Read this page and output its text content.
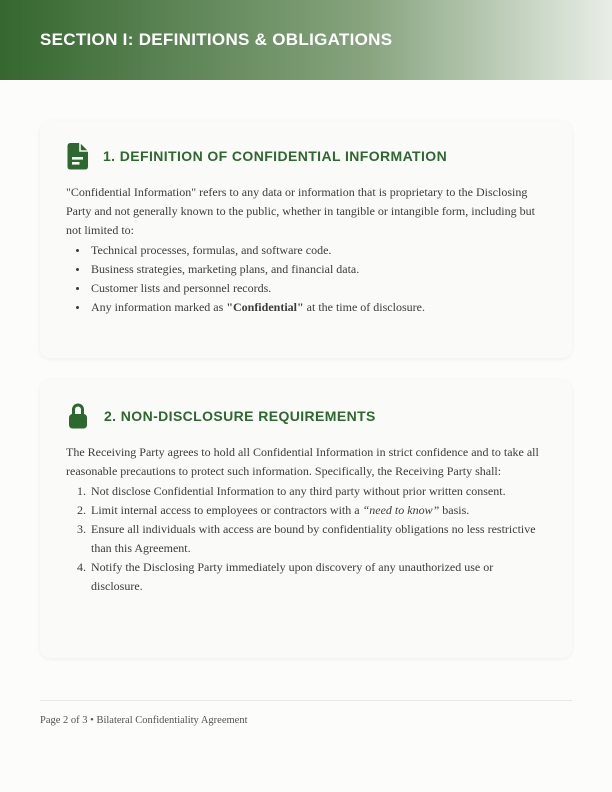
SECTION I: DEFINITIONS & OBLIGATIONS
1. DEFINITION OF CONFIDENTIAL INFORMATION

"Confidential Information" refers to any data or information that is proprietary to the Disclosing Party and not generally known to the public, whether in tangible or intangible form, including but not limited to:

• Technical processes, formulas, and software code.
• Business strategies, marketing plans, and financial data.
• Customer lists and personnel records.
• Any information marked as "Confidential" at the time of disclosure.
2. NON-DISCLOSURE REQUIREMENTS

The Receiving Party agrees to hold all Confidential Information in strict confidence and to take all reasonable precautions to protect such information. Specifically, the Receiving Party shall:

1. Not disclose Confidential Information to any third party without prior written consent.
2. Limit internal access to employees or contractors with a “need to know” basis.
3. Ensure all individuals with access are bound by confidentiality obligations no less restrictive than this Agreement.
4. Notify the Disclosing Party immediately upon discovery of any unauthorized use or disclosure.

Page 2 of 3 • Bilateral Confidentiality Agreement
